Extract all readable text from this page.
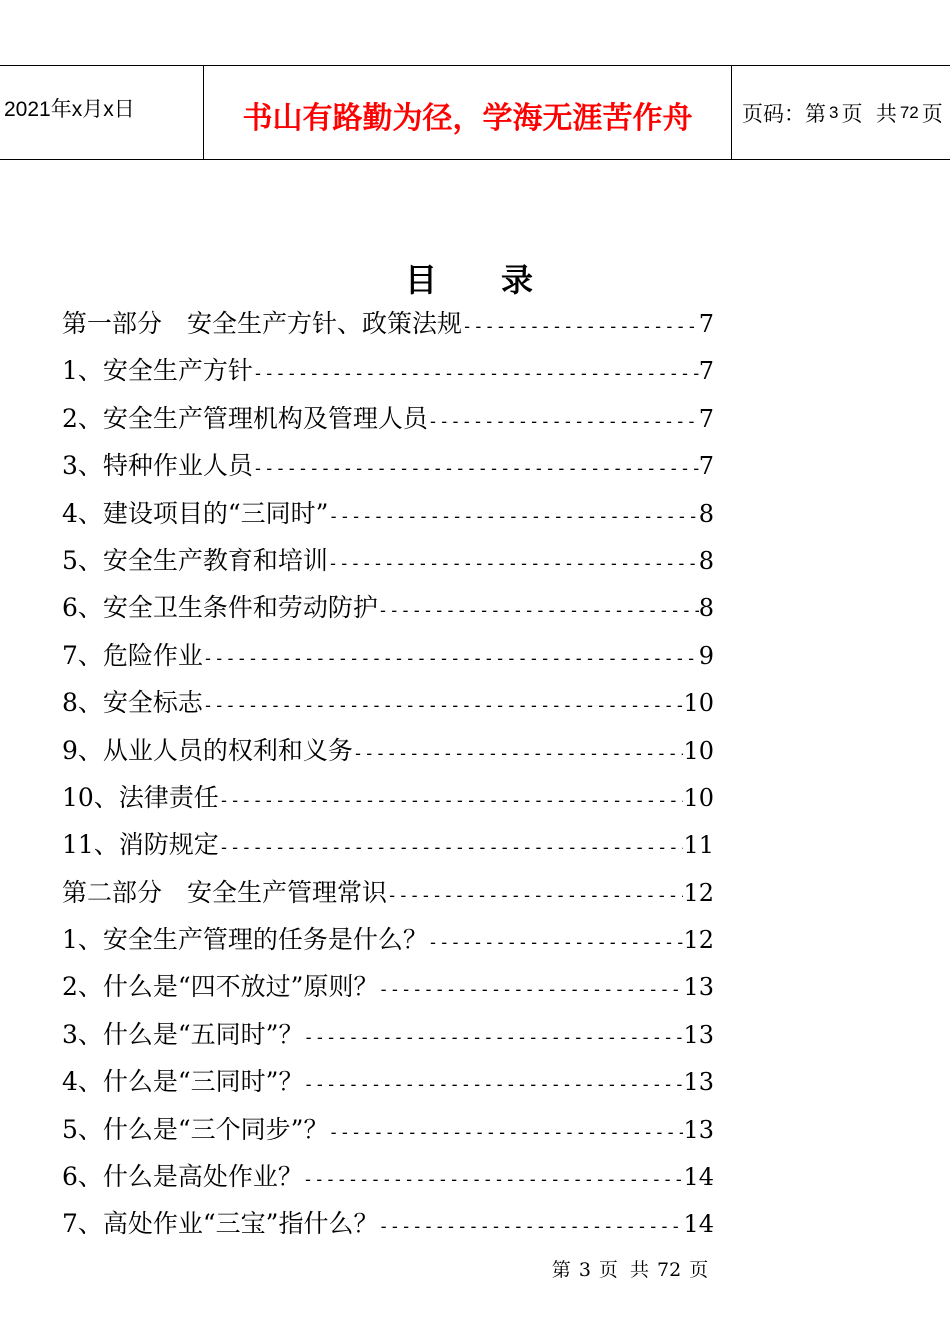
2021年x月x日	书山有路勤为径，学海无涯苦作舟	页码：第 3 页  共 72 页
目录
第一部分　安全生产方针、政策法规 -----	7
1、安全生产方针 -----	7
2、安全生产管理机构及管理人员 -----	7
3、特种作业人员 -----	7
4、建设项目的“三同时” -----	8
5、安全生产教育和培训 -----	8
6、安全卫生条件和劳动防护 -----	8
7、危险作业 -----	9
8、安全标志 -----	10
9、从业人员的权利和义务 -----	10
10、法律责任 -----	10
11、消防规定 -----	11
第二部分　安全生产管理常识 -----	12
1、安全生产管理的任务是什么？ -----	12
2、什么是“四不放过”原则？ -----	13
3、什么是“五同时”？ -----	13
4、什么是“三同时”？ -----	13
5、什么是“三个同步”？ -----	13
6、什么是高处作业？ -----	14
7、高处作业“三宝”指什么？ -----	14
第 3 页  共 72 页
